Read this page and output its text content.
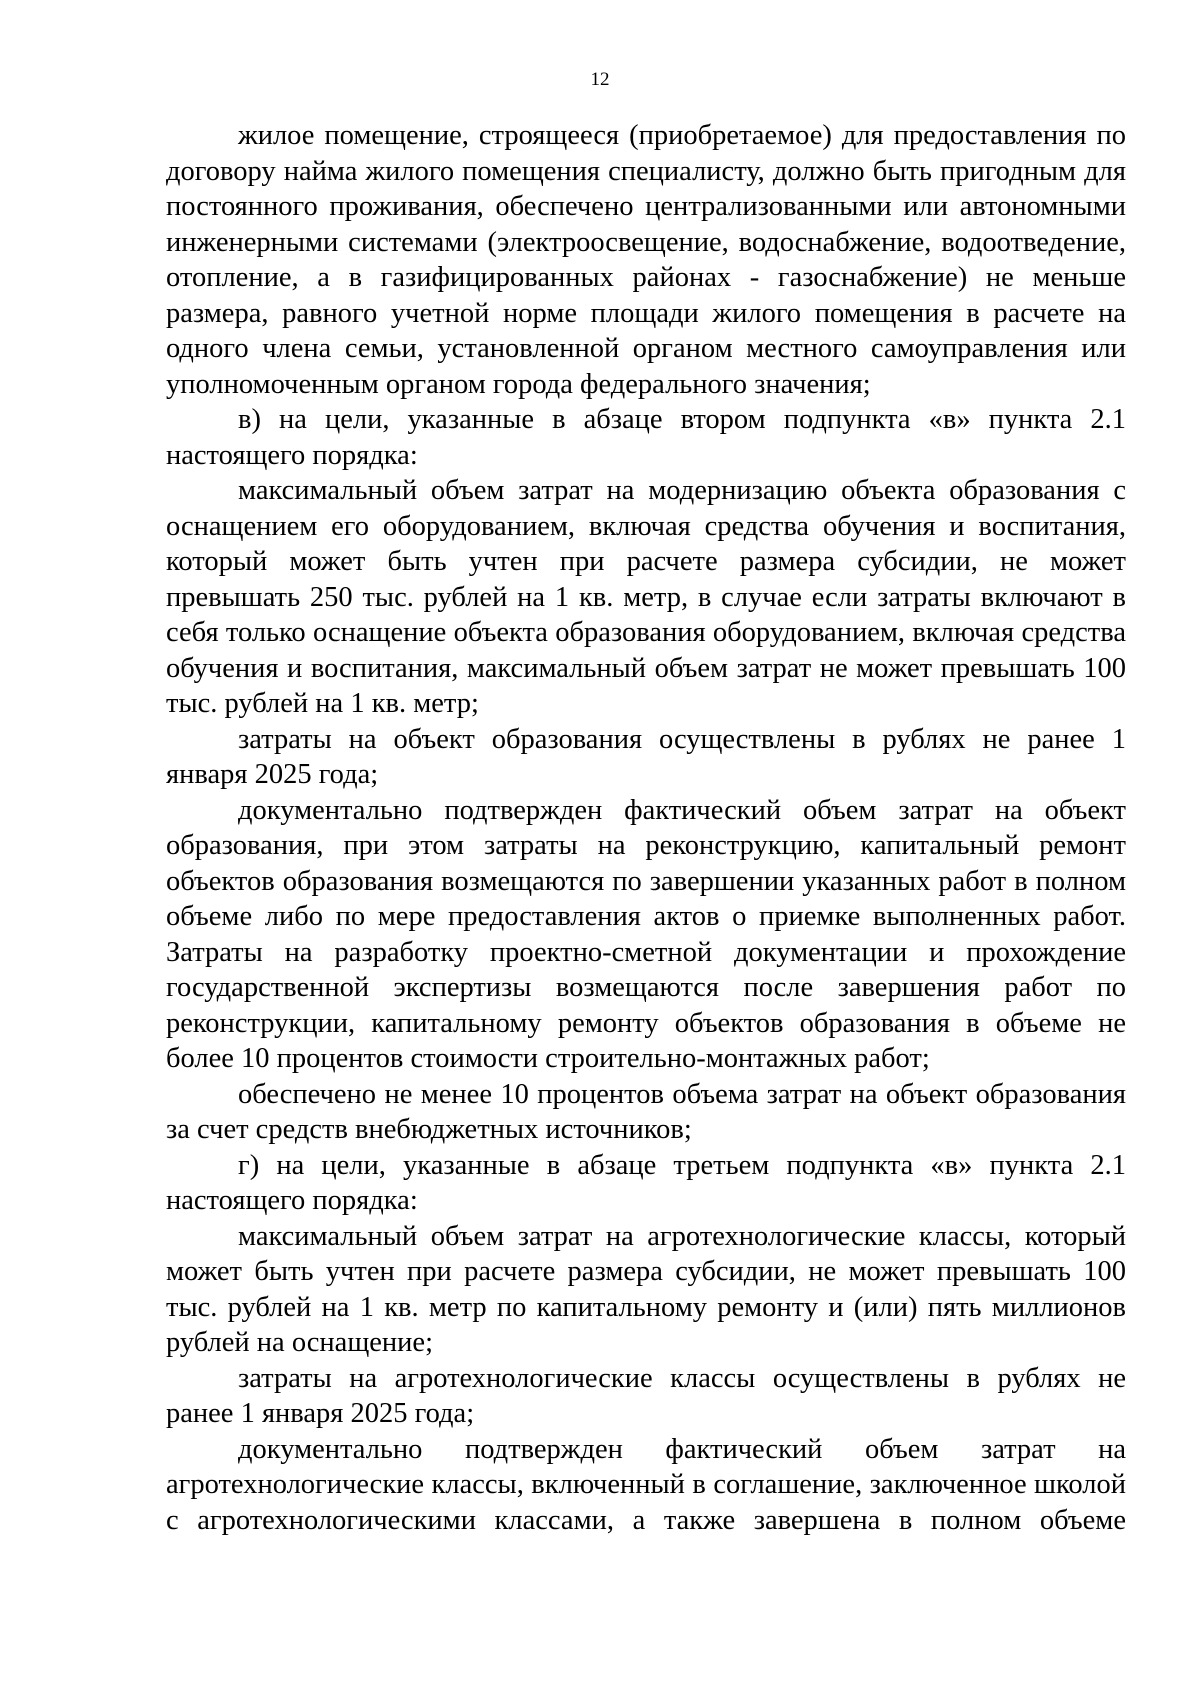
12

жилое помещение, строящееся (приобретаемое) для предоставления по договору найма жилого помещения специалисту, должно быть пригодным для постоянного проживания, обеспечено централизованными или автономными инженерными системами (электроосвещение, водоснабжение, водоотведение, отопление, а в газифицированных районах - газоснабжение) не меньше размера, равного учетной норме площади жилого помещения в расчете на одного члена семьи, установленной органом местного самоуправления или уполномоченным органом города федерального значения;

в) на цели, указанные в абзаце втором подпункта «в» пункта 2.1 настоящего порядка:

максимальный объем затрат на модернизацию объекта образования с оснащением его оборудованием, включая средства обучения и воспитания, который может быть учтен при расчете размера субсидии, не может превышать 250 тыс. рублей на 1 кв. метр, в случае если затраты включают в себя только оснащение объекта образования оборудованием, включая средства обучения и воспитания, максимальный объем затрат не может превышать 100 тыс. рублей на 1 кв. метр;

затраты на объект образования осуществлены в рублях не ранее 1 января 2025 года;

документально подтвержден фактический объем затрат на объект образования, при этом затраты на реконструкцию, капитальный ремонт объектов образования возмещаются по завершении указанных работ в полном объеме либо по мере предоставления актов о приемке выполненных работ. Затраты на разработку проектно-сметной документации и прохождение государственной экспертизы возмещаются после завершения работ по реконструкции, капитальному ремонту объектов образования в объеме не более 10 процентов стоимости строительно-монтажных работ;

обеспечено не менее 10 процентов объема затрат на объект образования за счет средств внебюджетных источников;

г) на цели, указанные в абзаце третьем подпункта «в» пункта 2.1 настоящего порядка:

максимальный объем затрат на агротехнологические классы, который может быть учтен при расчете размера субсидии, не может превышать 100 тыс. рублей на 1 кв. метр по капитальному ремонту и (или) пять миллионов рублей на оснащение;

затраты на агротехнологические классы осуществлены в рублях не ранее 1 января 2025 года;

документально подтвержден фактический объем затрат на агротехнологические классы, включенный в соглашение, заключенное школой с агротехнологическими классами, а также завершена в полном объеме
